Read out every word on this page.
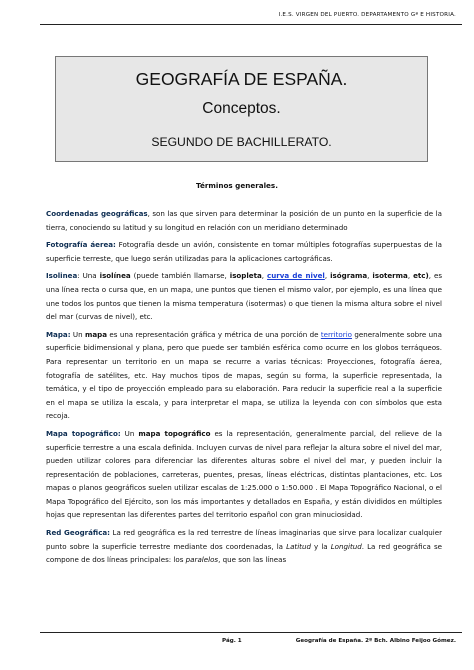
I.E.S. VIRGEN DEL PUERTO. DEPARTAMENTO Gª E HISTORIA.
GEOGRAFÍA DE ESPAÑA.
Conceptos.
SEGUNDO DE BACHILLERATO.
Términos generales.

Coordenadas geográficas, son las que sirven para determinar la posición de un punto en la superficie de la tierra, conociendo su latitud y su longitud en relación con un meridiano determinado

Fotografía áerea: Fotografía desde un avión, consistente en tomar múltiples fotografías superpuestas de la superficie terreste, que luego serán utilizadas para la aplicaciones cartográficas.

Isolinea: Una isolínea (puede también llamarse, isopleta, curva de nivel, isógrama, isoterma, etc), es una línea recta o cursa que, en un mapa, une puntos que tienen el mismo valor, por ejemplo, es una línea que une todos los puntos que tienen la misma temperatura (isotermas) o que tienen la misma altura sobre el nivel del mar (curvas de nivel), etc.

Mapa: Un mapa es una representación gráfica y métrica de una porción de territorio generalmente sobre una superficie bidimensional y plana, pero que puede ser también esférica como ocurre en los globos terráqueos. Para representar un territorio en un mapa se recurre a varias técnicas: Proyecciones, fotografía áerea, fotografía de satélites, etc. Hay muchos tipos de mapas, según su forma, la superficie representada, la temática, y el tipo de proyección empleado para su elaboración. Para reducir la superficie real a la superficie en el mapa se utiliza la escala, y para interpretar el mapa, se utiliza la leyenda con con símbolos que esta recoja.

Mapa topográfico: Un mapa topográfico es la representación, generalmente parcial, del relieve de la superficie terrestre a una escala definida. Incluyen curvas de nivel para reflejar la altura sobre el nivel del mar, pueden utilizar colores para diferenciar las diferentes alturas sobre el nivel del mar, y pueden incluir la representación de poblaciones, carreteras, puentes, presas, líneas eléctricas, distintas plantaciones, etc. Los mapas o planos geográficos suelen utilizar escalas de 1:25.000 o 1:50.000 . El Mapa Topográfico Nacional, o el Mapa Topográfico del Ejército, son los más importantes y detallados en España, y están divididos en múltiples hojas que representan las diferentes partes del territorio español con gran minuciosidad.

Red Geográfica: La red geográfica es la red terrestre de líneas imaginarias que sirve para localizar cualquier punto sobre la superficie terrestre mediante dos coordenadas, la Latitud y la Longitud. La red geográfica se compone de dos líneas principales: los paralelos, que son las líneas

Pág. 1	Geografía de España. 2º Bch. Albino Feijoo Gómez.
